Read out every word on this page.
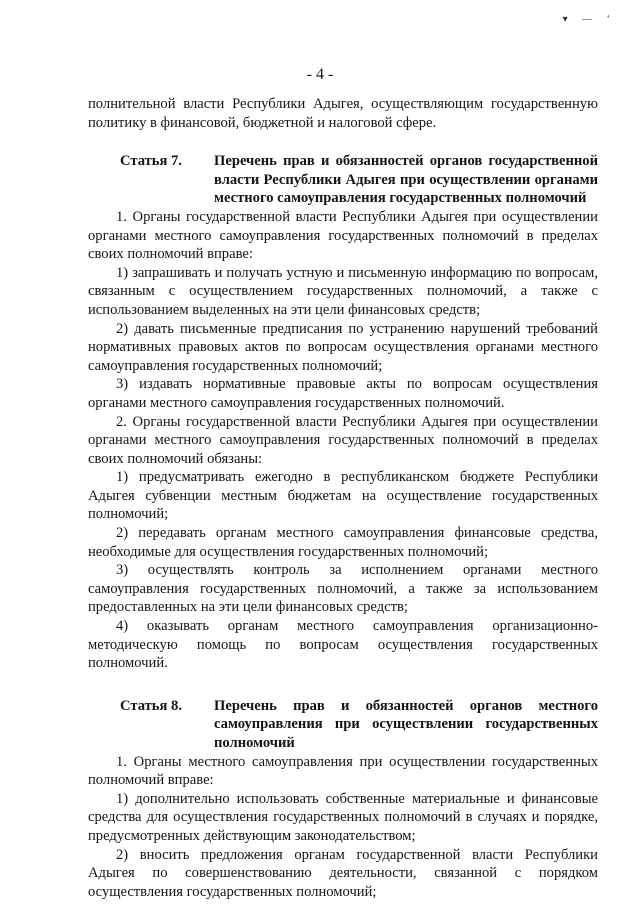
▾ — ‘
- 4 -

полнительной власти Республики Адыгея, осуществляющим государственную политику в финансовой, бюджетной и налоговой сфере.

Статья 7.	Перечень прав и обязанностей органов государственной власти Республики Адыгея при осуществлении органами местного самоуправления государственных полномочий

1. Органы государственной власти Республики Адыгея при осуществлении органами местного самоуправления государственных полномочий в пределах своих полномочий вправе:

1) запрашивать и получать устную и письменную информацию по вопросам, связанным с осуществлением государственных полномочий, а также с использованием выделенных на эти цели финансовых средств;

2) давать письменные предписания по устранению нарушений требований нормативных правовых актов по вопросам осуществления органами местного самоуправления государственных полномочий;

3) издавать нормативные правовые акты по вопросам осуществления органами местного самоуправления государственных полномочий.

2. Органы государственной власти Республики Адыгея при осуществлении органами местного самоуправления государственных полномочий в пределах своих полномочий обязаны:

1) предусматривать ежегодно в республиканском бюджете Республики Адыгея субвенции местным бюджетам на осуществление государственных полномочий;

2) передавать органам местного самоуправления финансовые средства, необходимые для осуществления государственных полномочий;

3) осуществлять контроль за исполнением органами местного самоуправления государственных полномочий, а также за использованием предоставленных на эти цели финансовых средств;

4) оказывать органам местного самоуправления организационно-методическую помощь по вопросам осуществления государственных полномочий.

Статья 8.	Перечень прав и обязанностей органов местного самоуправления при осуществлении государственных полномочий

1. Органы местного самоуправления при осуществлении государственных полномочий вправе:

1) дополнительно использовать собственные материальные и финансовые средства для осуществления государственных полномочий в случаях и порядке, предусмотренных действующим законодательством;

2) вносить предложения органам государственной власти Республики Адыгея по совершенствованию деятельности, связанной с порядком осуществления государственных полномочий;
